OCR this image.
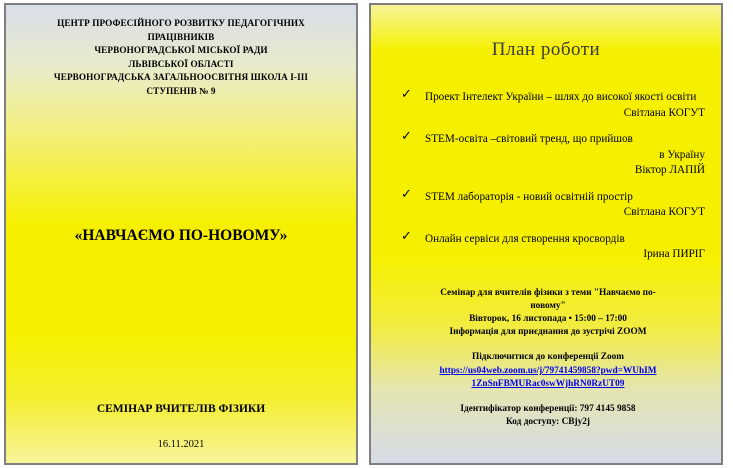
ЦЕНТР ПРОФЕСІЙНОГО РОЗВИТКУ ПЕДАГОГІЧНИХ
ПРАЦІВНИКІВ
ЧЕРВОНОГРАДСЬКОЇ МІСЬКОЇ РАДИ
ЛЬВІВСЬКОЇ ОБЛАСТІ
ЧЕРВОНОГРАДСЬКА ЗАГАЛЬНООСВІТНЯ ШКОЛА І-ІІІ
СТУПЕНІВ № 9
«НАВЧАЄМО ПО-НОВОМУ»
СЕМІНАР ВЧИТЕЛІВ ФІЗИКИ
16.11.2021
План роботи
✓ Проект Інтелект України – шлях до високої якості освіти
Світлана КОГУТ
✓ STEM-освіта –світовий тренд, що прийшов
в Україну
Віктор ЛАПІЙ
✓ STEM лабораторія - новий освітній простір
Світлана КОГУТ
✓ Онлайн сервіси для створення кросвордів
Ірина ПИРІГ
Семінар для вчителів фізики з теми "Навчаємо по-
новому"
Вівторок, 16 листопада • 15:00 – 17:00
Інформація для приєднання до зустрічі ZOOM
Підключитися до конференції Zoom
https://us04web.zoom.us/j/79741459858?pwd=WUhIM 1ZnSnFBMURac0swWjhRN0RzUT09
Ідентифікатор конференції: 797 4145 9858
Код доступу: CBjy2j
